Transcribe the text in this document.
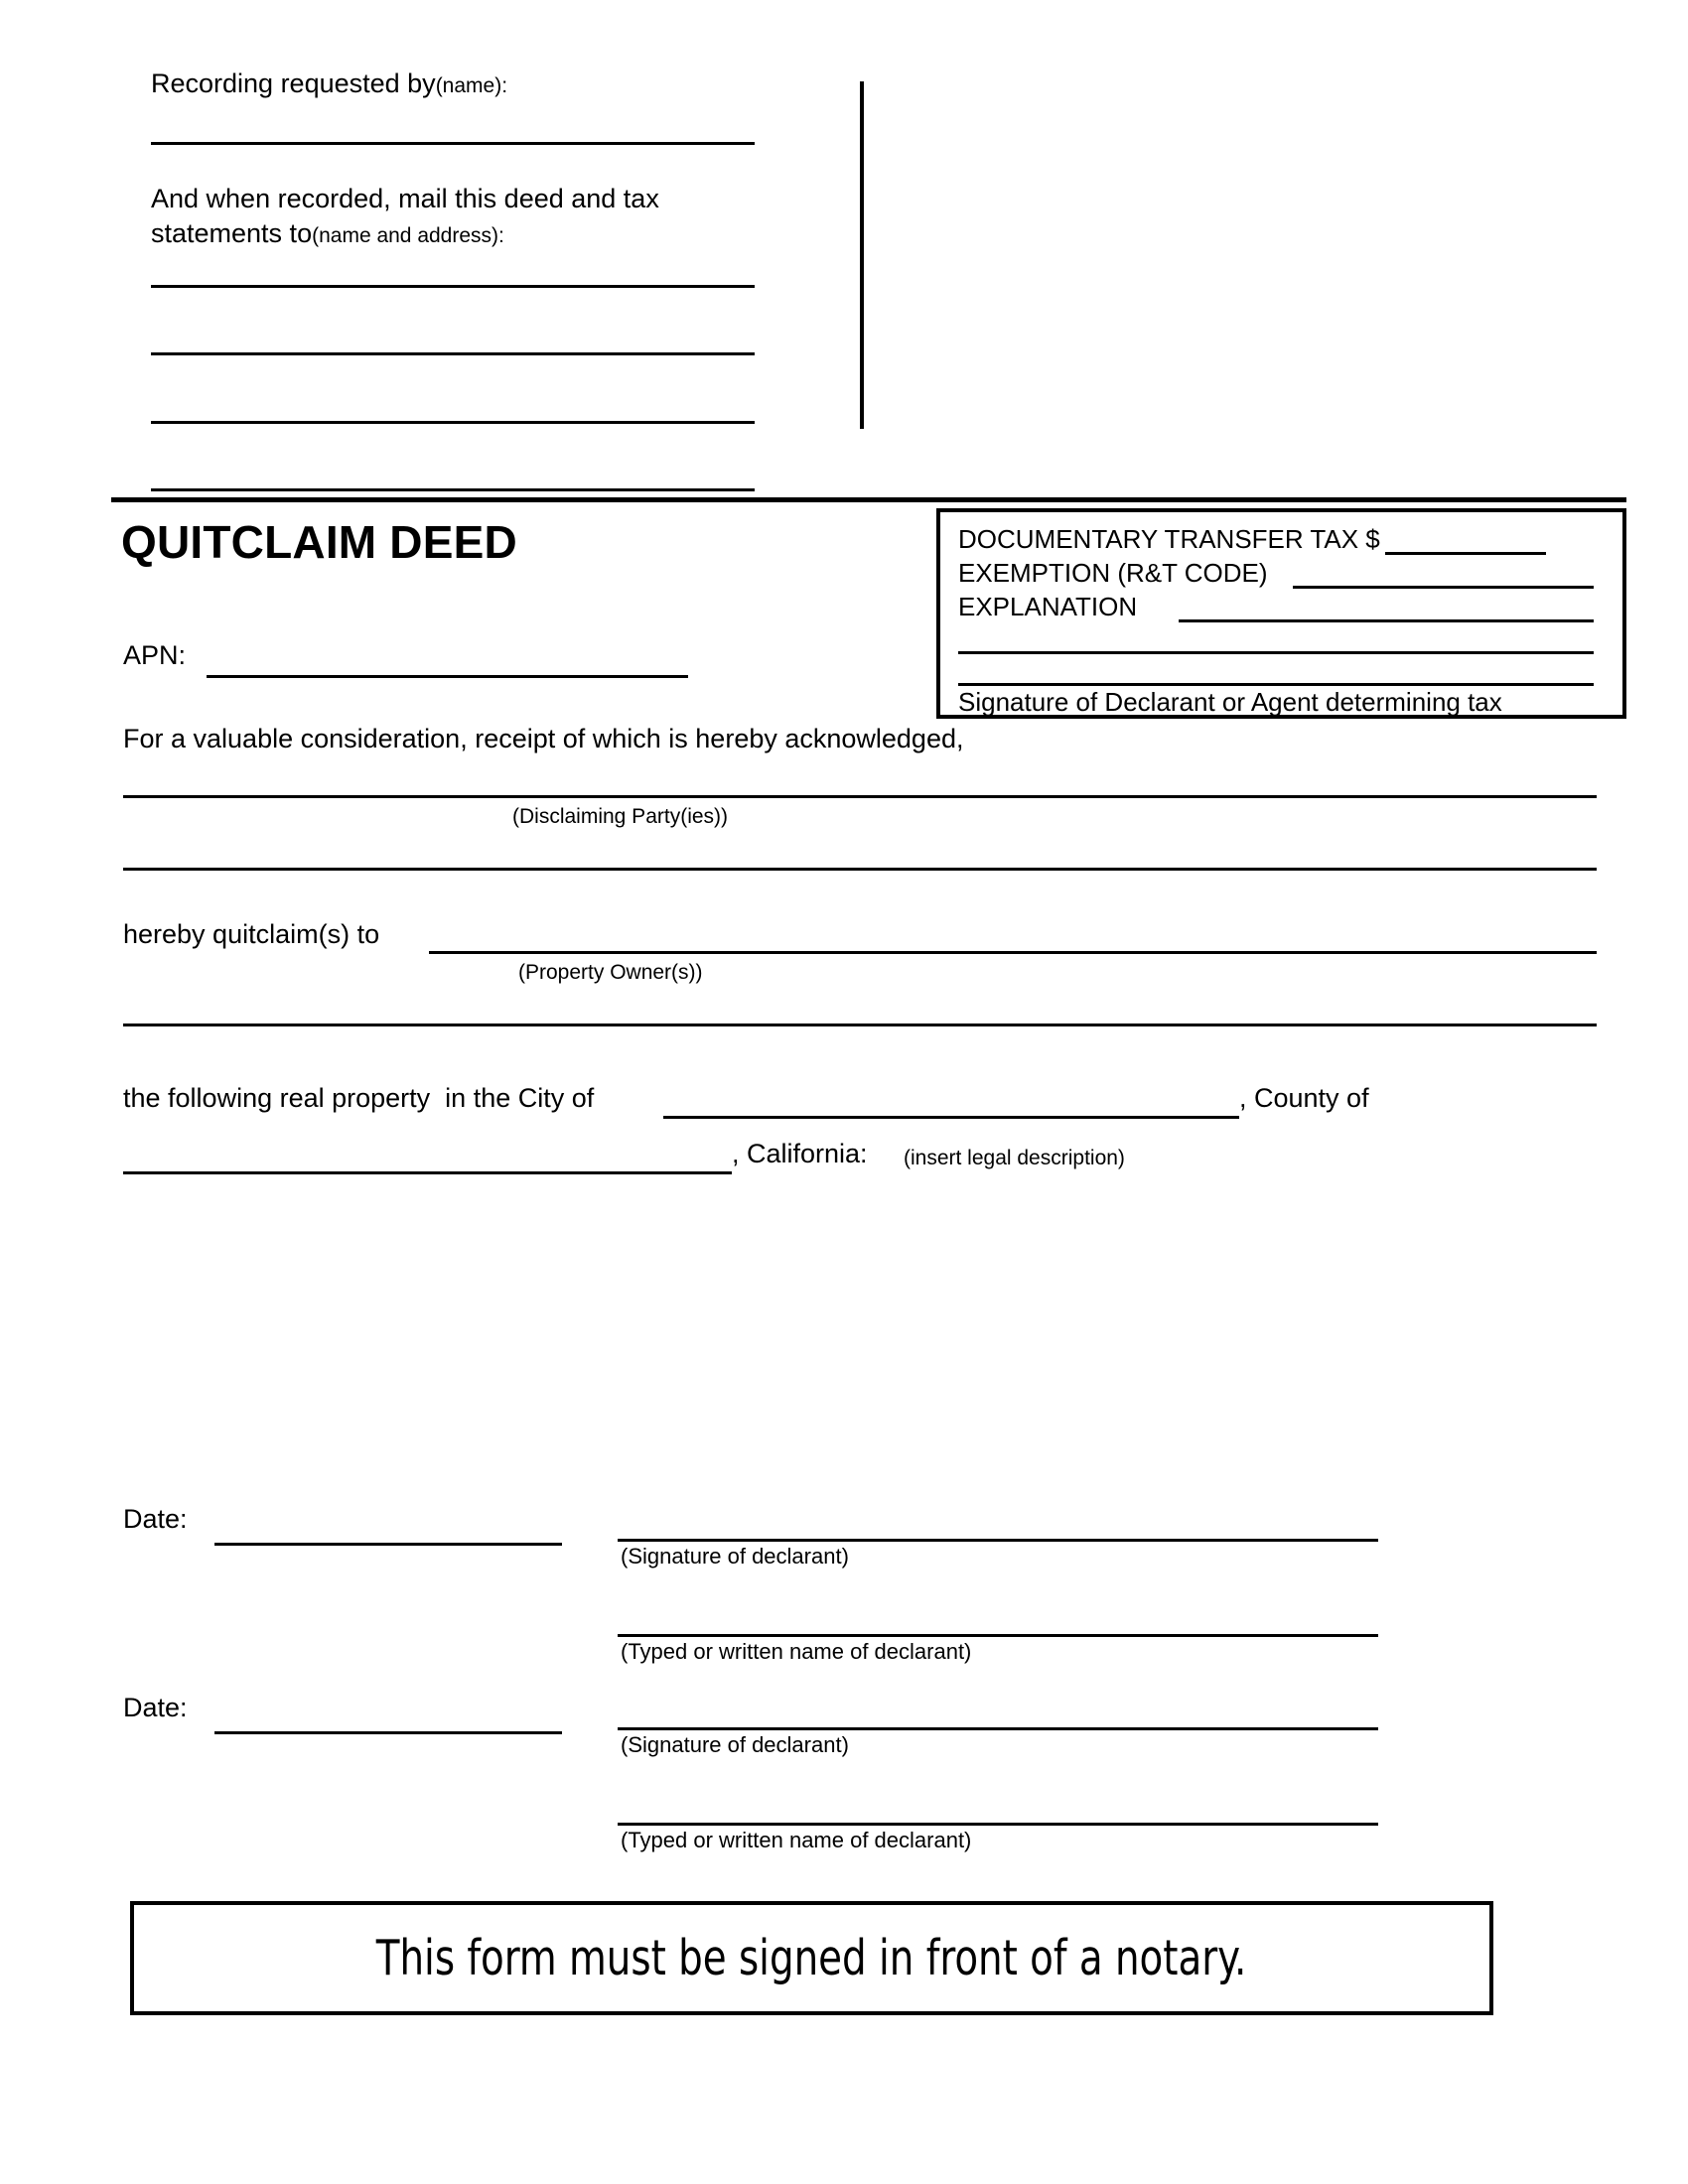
Recording requested by(name):
And when recorded, mail this deed and tax
statements to(name and address):
QUITCLAIM DEED	DOCUMENTARY TRANSFER TAX $
EXEMPTION (R&T CODE)
EXPLANATION
Signature of Declarant or Agent determining tax
APN:
For a valuable consideration, receipt of which is hereby acknowledged,
(Disclaiming Party(ies))
hereby quitclaim(s) to
(Property Owner(s))
the following real property  in the City of	, County of
, California: (insert legal description)
Date:
(Signature of declarant)
(Typed or written name of declarant)
Date:
(Signature of declarant)
(Typed or written name of declarant)
This form must be signed in front of a notary.
